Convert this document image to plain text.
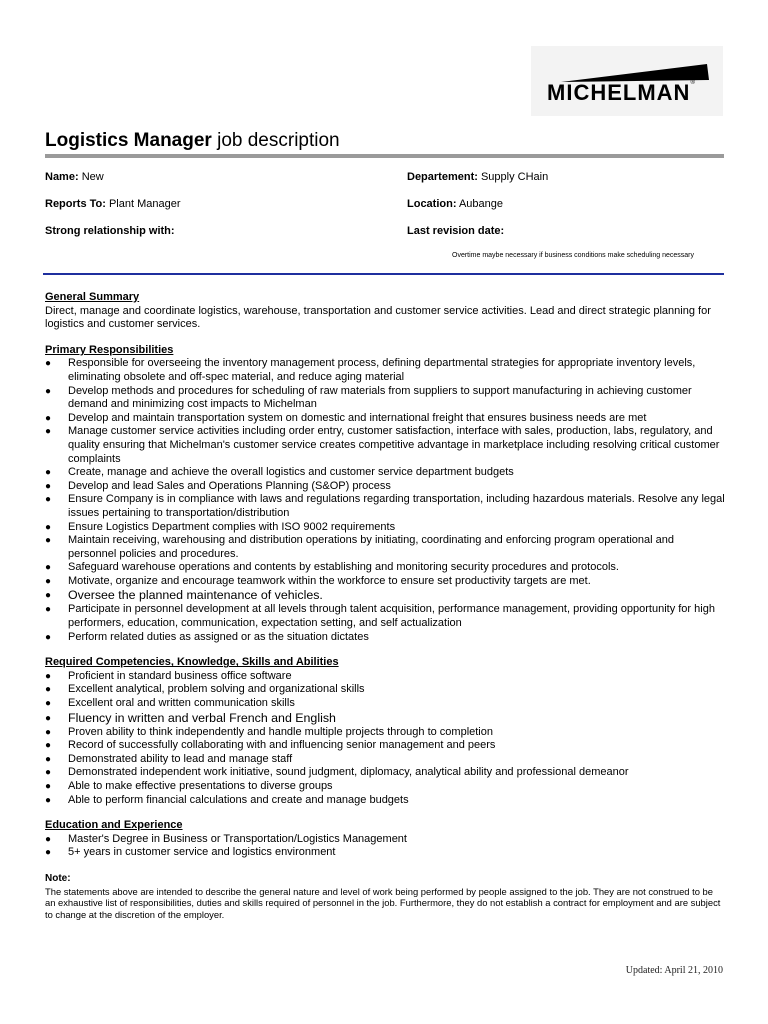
MICHELMAN®
Logistics Manager job description
Name: New
Reports To: Plant Manager
Strong relationship with:
Departement: Supply CHain
Location: Aubange
Last revision date:
Overtime maybe necessary if business conditions make scheduling necessary

General Summary

Direct, manage and coordinate logistics, warehouse, transportation and customer service activities. Lead and direct strategic planning for logistics and customer services.

Primary Responsibilities

● Responsible for overseeing the inventory management process, defining departmental strategies for appropriate inventory levels, eliminating obsolete and off-spec material, and reduce aging material
● Develop methods and procedures for scheduling of raw materials from suppliers to support manufacturing in achieving customer demand and minimizing cost impacts to Michelman
● Develop and maintain transportation system on domestic and international freight that ensures business needs are met
● Manage customer service activities including order entry, customer satisfaction, interface with sales, production, labs, regulatory, and quality ensuring that Michelman's customer service creates competitive advantage in marketplace including resolving critical customer complaints
● Create, manage and achieve the overall logistics and customer service department budgets
● Develop and lead Sales and Operations Planning (S&OP) process
● Ensure Company is in compliance with laws and regulations regarding transportation, including hazardous materials. Resolve any legal issues pertaining to transportation/distribution
● Ensure Logistics Department complies with ISO 9002 requirements
● Maintain receiving, warehousing and distribution operations by initiating, coordinating and enforcing program operational and personnel policies and procedures.
● Safeguard warehouse operations and contents by establishing and monitoring security procedures and protocols.
● Motivate, organize and encourage teamwork within the workforce to ensure set productivity targets are met.
● Oversee the planned maintenance of vehicles.
● Participate in personnel development at all levels through talent acquisition, performance management, providing opportunity for high performers, education, communication, expectation setting, and self actualization
● Perform related duties as assigned or as the situation dictates

Required Competencies, Knowledge, Skills and Abilities

● Proficient in standard business office software
● Excellent analytical, problem solving and organizational skills
● Excellent oral and written communication skills
● Fluency in written and verbal French and English
● Proven ability to think independently and handle multiple projects through to completion
● Record of successfully collaborating with and influencing senior management and peers
● Demonstrated ability to lead and manage staff
● Demonstrated independent work initiative, sound judgment, diplomacy, analytical ability and professional demeanor
● Able to make effective presentations to diverse groups
● Able to perform financial calculations and create and manage budgets

Education and Experience

● Master's Degree in Business or Transportation/Logistics Management
● 5+ years in customer service and logistics environment

Note:

The statements above are intended to describe the general nature and level of work being performed by people assigned to the job. They are not construed to be an exhaustive list of responsibilities, duties and skills required of personnel in the job. Furthermore, they do not establish a contract for employment and are subject to change at the discretion of the employer.

Updated: April 21, 2010
